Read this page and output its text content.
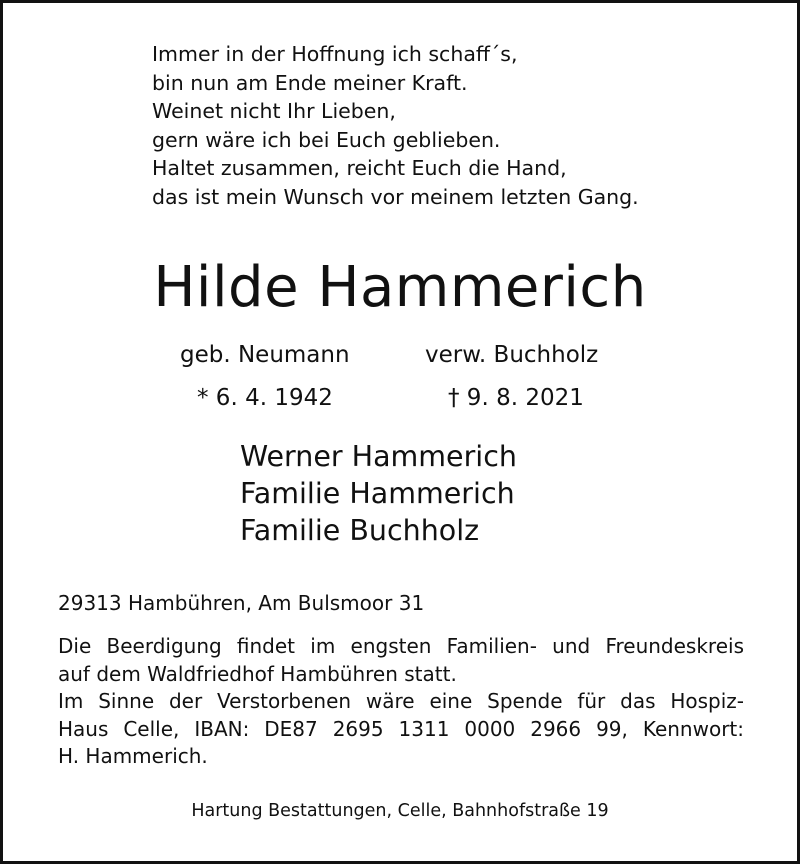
Immer in der Hoffnung ich schaff´s,
bin nun am Ende meiner Kraft.
Weinet nicht Ihr Lieben,
gern wäre ich bei Euch geblieben.
Haltet zusammen, reicht Euch die Hand,
das ist mein Wunsch vor meinem letzten Gang.
Hilde Hammerich
geb. Neumann	verw. Buchholz
* 6. 4. 1942	† 9. 8. 2021
Werner Hammerich
Familie Hammerich
Familie Buchholz
29313 Hambühren, Am Bulsmoor 31
Die Beerdigung findet im engsten Familien- und Freundeskreis
auf dem Waldfriedhof Hambühren statt.
Im Sinne der Verstorbenen wäre eine Spende für das Hospiz-
Haus Celle, IBAN: DE87 2695 1311 0000 2966 99, Kennwort:
H. Hammerich.
Hartung Bestattungen, Celle, Bahnhofstraße 19
